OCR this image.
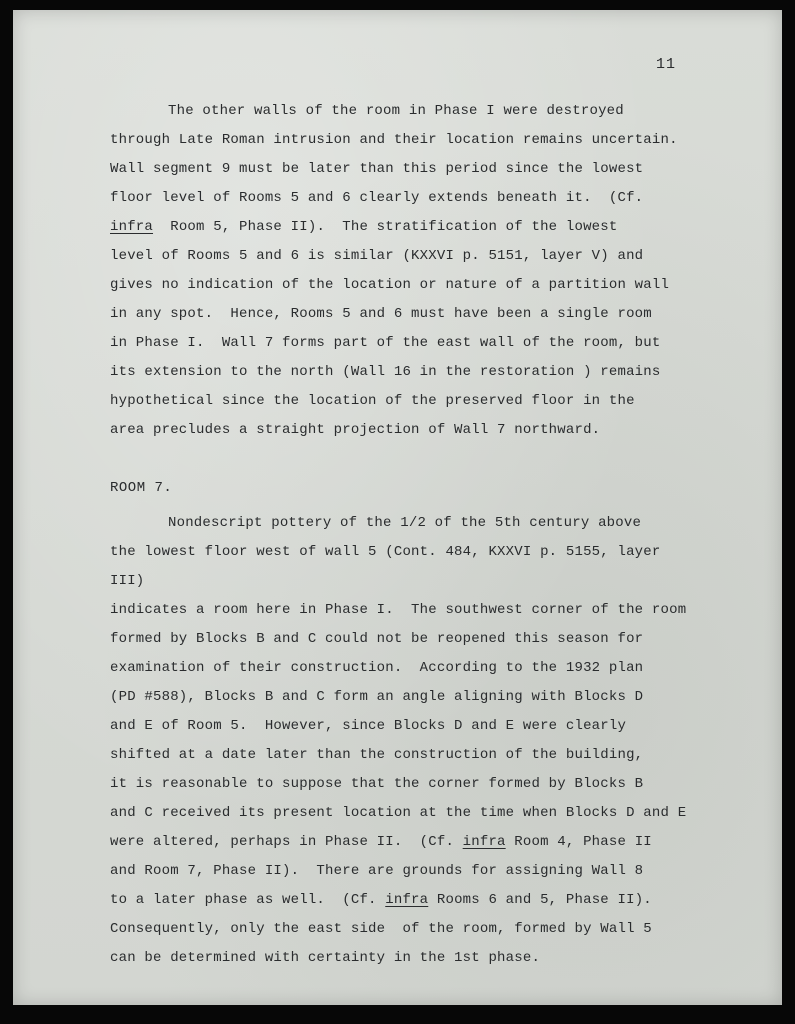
11
The other walls of the room in Phase I were destroyed
through Late Roman intrusion and their location remains uncertain.
Wall segment 9 must be later than this period since the lowest
floor level of Rooms 5 and 6 clearly extends beneath it.  (Cf.
infra  Room 5, Phase II).  The stratification of the lowest
level of Rooms 5 and 6 is similar (KXXVI p. 5151, layer V) and
gives no indication of the location or nature of a partition wall
in any spot.  Hence, Rooms 5 and 6 must have been a single room
in Phase I.  Wall 7 forms part of the east wall of the room, but
its extension to the north (Wall 16 in the restoration ) remains
hypothetical since the location of the preserved floor in the
area precludes a straight projection of Wall 7 northward.
ROOM 7.
Nondescript pottery of the 1/2 of the 5th century above
the lowest floor west of wall 5 (Cont. 484, KXXVI p. 5155, layer III)
indicates a room here in Phase I.  The southwest corner of the room
formed by Blocks B and C could not be reopened this season for
examination of their construction.  According to the 1932 plan
(PD #588), Blocks B and C form an angle aligning with Blocks D
and E of Room 5.  However, since Blocks D and E were clearly
shifted at a date later than the construction of the building,
it is reasonable to suppose that the corner formed by Blocks B
and C received its present location at the time when Blocks D and E
were altered, perhaps in Phase II.  (Cf. infra Room 4, Phase II
and Room 7, Phase II).  There are grounds for assigning Wall 8
to a later phase as well.  (Cf. infra Rooms 6 and 5, Phase II).
Consequently, only the east side  of the room, formed by Wall 5
can be determined with certainty in the 1st phase.
